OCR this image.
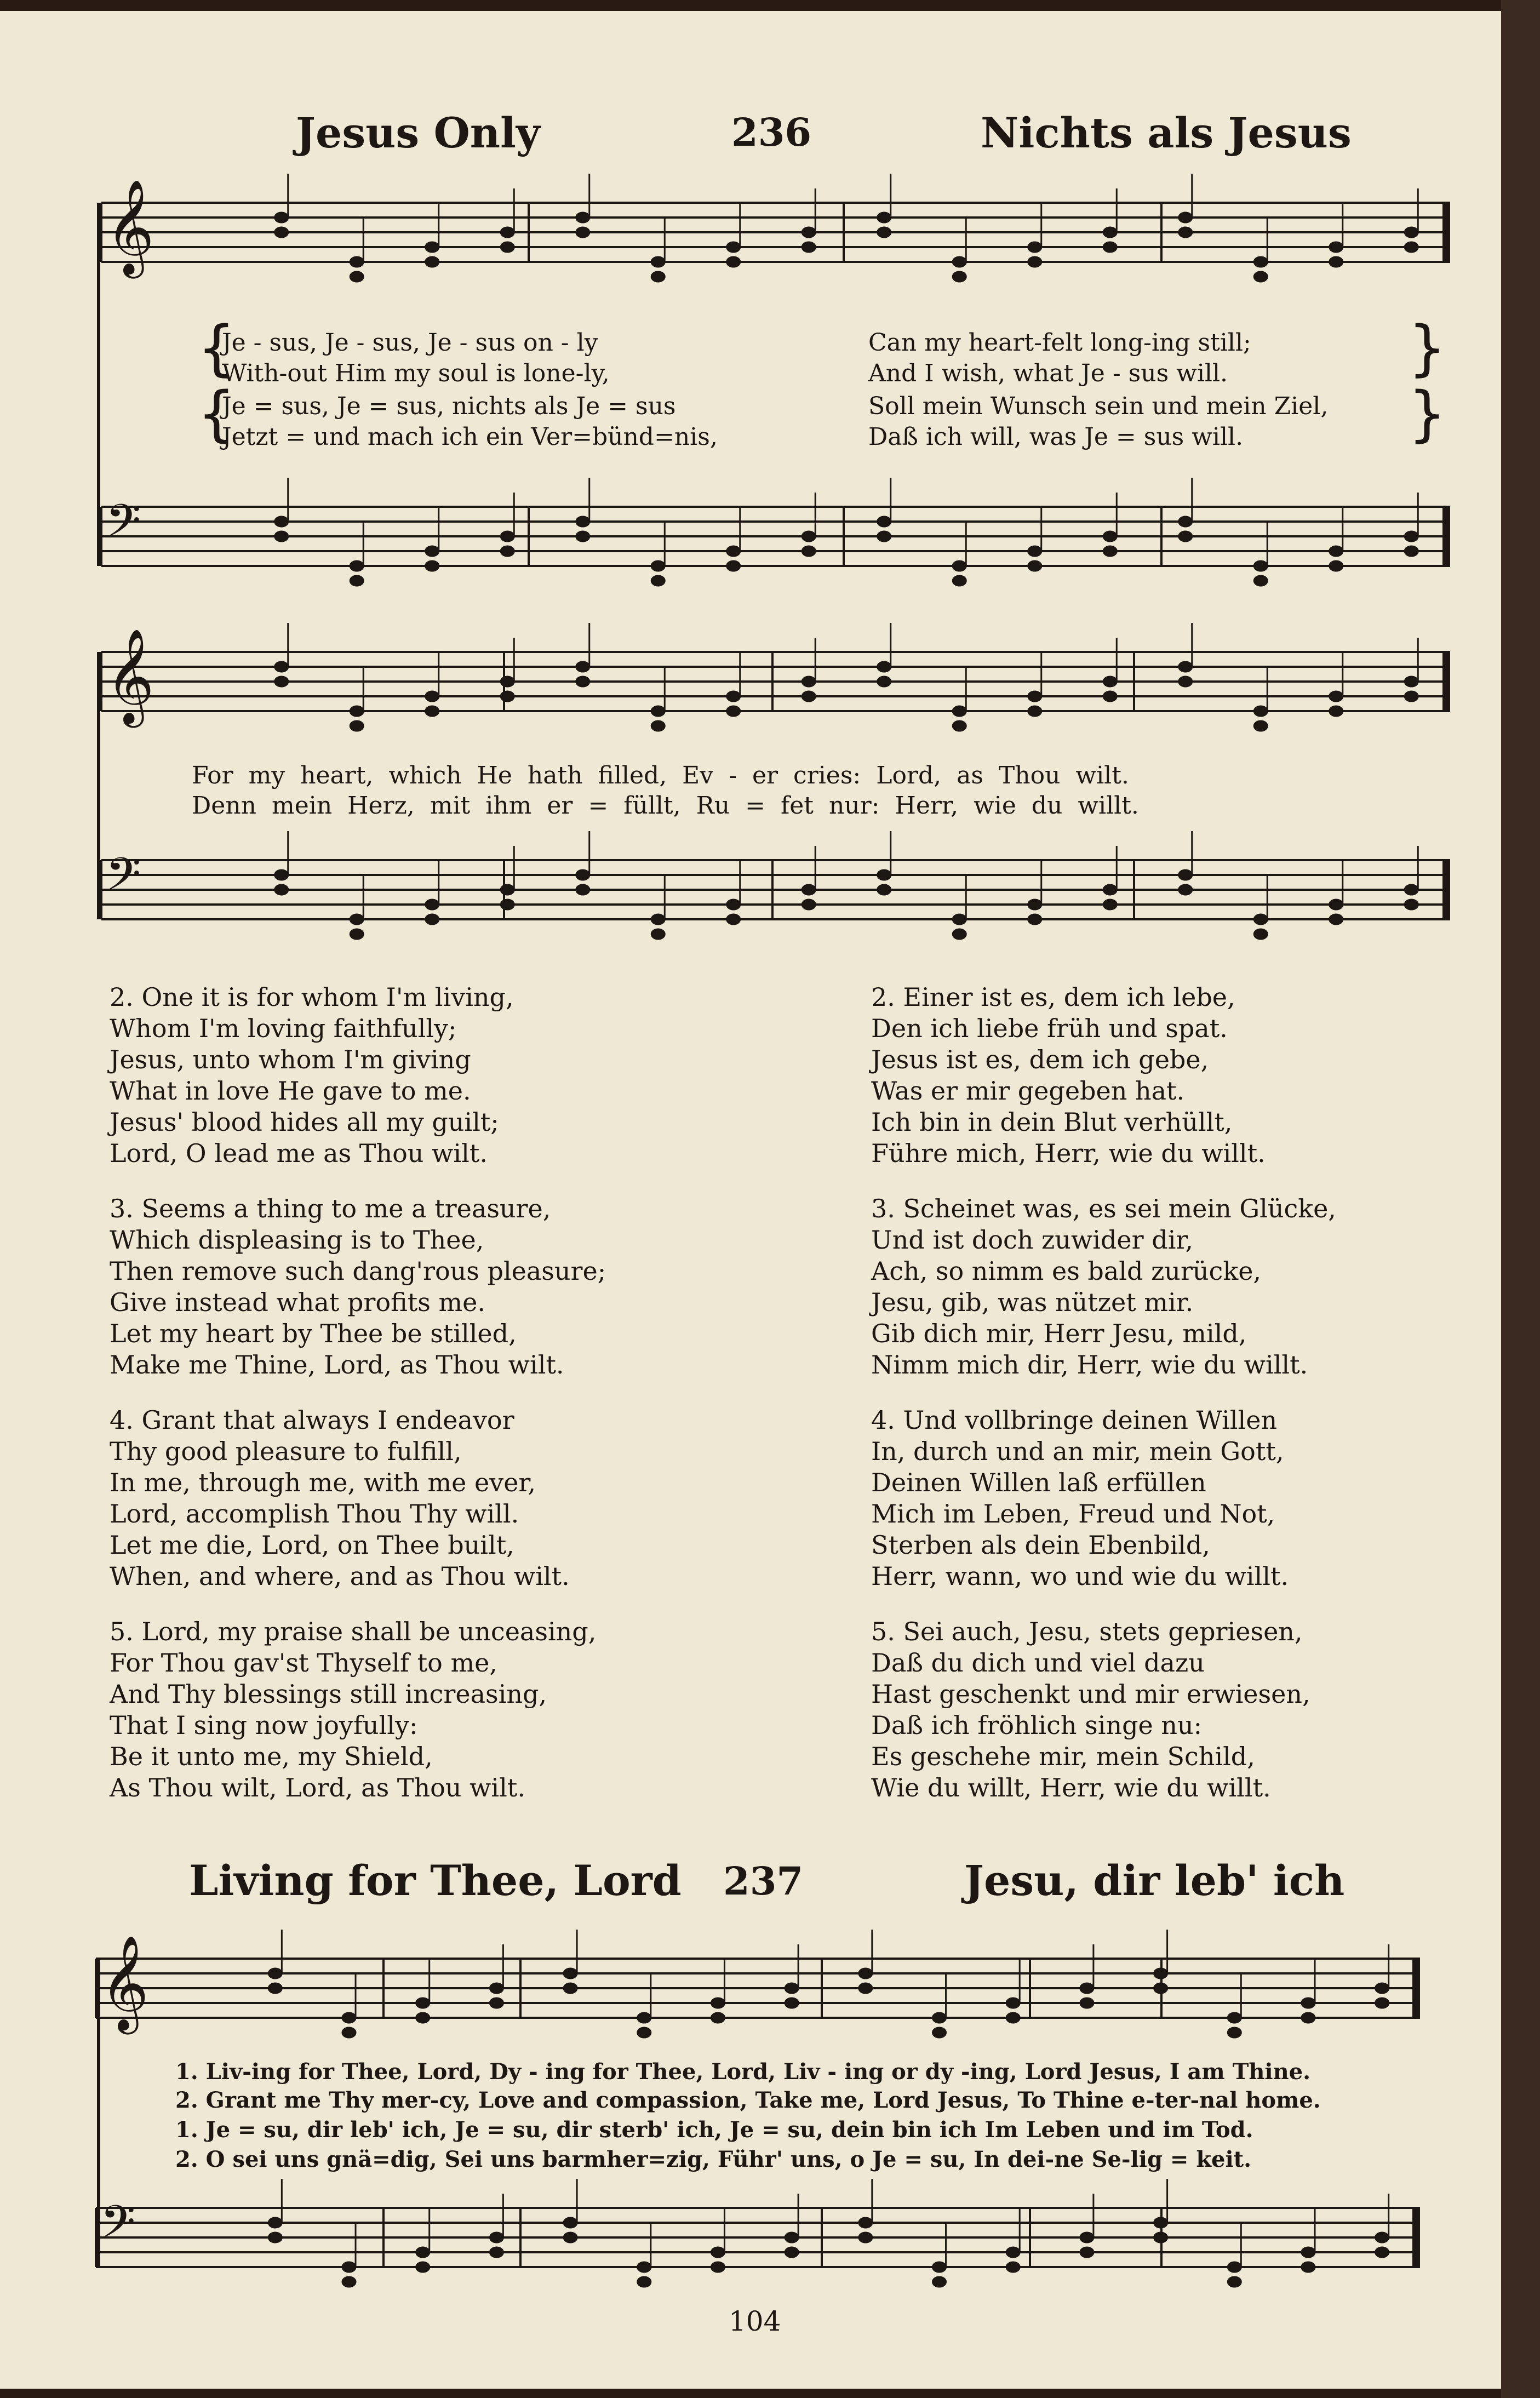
Jesus Only	236	Nichts als Jesus
𝄞
𝄢
𝄞
𝄢
𝄞
𝄢
{	}
{	}
Je - sus, Je - sus, Je - sus on - ly	Can my heart-felt long-ing still;
With-out Him my soul is lone-ly,	And I wish, what Je - sus will.
Je = sus, Je = sus, nichts als Je = sus	Soll mein Wunsch sein und mein Ziel,
Jetzt = und mach ich ein Ver=bünd=nis,	Daß ich will, was Je = sus will.
For my heart, which He hath filled, Ev - er cries: Lord, as Thou wilt.
Denn mein Herz, mit ihm er = füllt, Ru = fet nur: Herr, wie du willt.
2. One it is for whom I'm living,
Whom I'm loving faithfully;
Jesus, unto whom I'm giving
What in love He gave to me.
Jesus' blood hides all my guilt;
Lord, O lead me as Thou wilt.
3. Seems a thing to me a treasure,
Which displeasing is to Thee,
Then remove such dang'rous pleasure;
Give instead what profits me.
Let my heart by Thee be stilled,
Make me Thine, Lord, as Thou wilt.
4. Grant that always I endeavor
Thy good pleasure to fulfill,
In me, through me, with me ever,
Lord, accomplish Thou Thy will.
Let me die, Lord, on Thee built,
When, and where, and as Thou wilt.
5. Lord, my praise shall be unceasing,
For Thou gav'st Thyself to me,
And Thy blessings still increasing,
That I sing now joyfully:
Be it unto me, my Shield,
As Thou wilt, Lord, as Thou wilt.
2. Einer ist es, dem ich lebe,
Den ich liebe früh und spat.
Jesus ist es, dem ich gebe,
Was er mir gegeben hat.
Ich bin in dein Blut verhüllt,
Führe mich, Herr, wie du willt.
3. Scheinet was, es sei mein Glücke,
Und ist doch zuwider dir,
Ach, so nimm es bald zurücke,
Jesu, gib, was nützet mir.
Gib dich mir, Herr Jesu, mild,
Nimm mich dir, Herr, wie du willt.
4. Und vollbringe deinen Willen
In, durch und an mir, mein Gott,
Deinen Willen laß erfüllen
Mich im Leben, Freud und Not,
Sterben als dein Ebenbild,
Herr, wann, wo und wie du willt.
5. Sei auch, Jesu, stets gepriesen,
Daß du dich und viel dazu
Hast geschenkt und mir erwiesen,
Daß ich fröhlich singe nu:
Es geschehe mir, mein Schild,
Wie du willt, Herr, wie du willt.
Living for Thee, Lord 237	Jesu, dir leb' ich
1. Liv-ing for Thee, Lord, Dy - ing for Thee, Lord, Liv - ing or dy -ing, Lord Jesus, I am Thine.
2. Grant me Thy mer-cy, Love and compassion, Take me, Lord Jesus, To Thine e-ter-nal home.
1. Je = su, dir leb' ich, Je = su, dir sterb' ich, Je = su, dein bin ich Im Leben und im Tod.
2. O sei uns gnä=dig, Sei uns barmher=zig, Führ' uns, o Je = su, In dei-ne Se-lig = keit.
104
